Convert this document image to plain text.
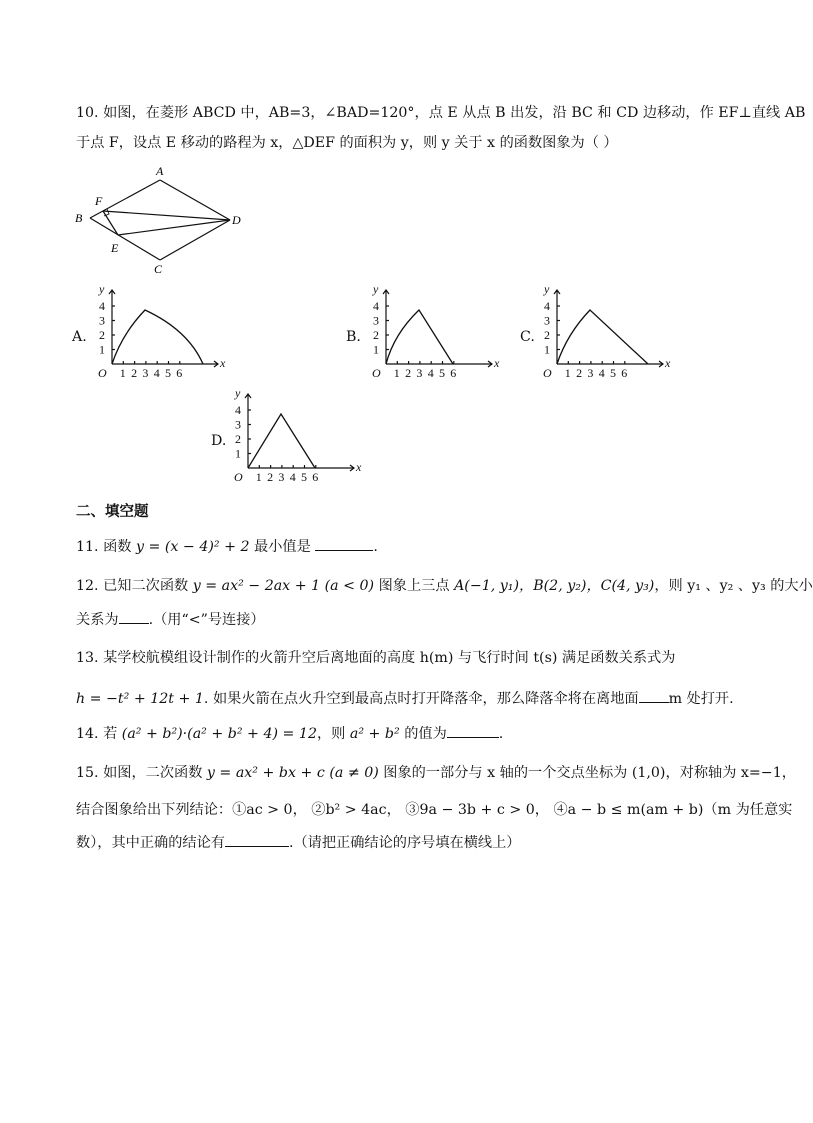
10. 如图，在菱形 ABCD 中，AB=3，∠BAD=120°，点 E 从点 B 出发，沿 BC 和 CD 边移动，作 EF⊥直线 AB
于点 F，设点 E 移动的路程为 x，△DEF 的面积为 y，则 y 关于 x 的函数图象为（ ）
A
B
C
D
E
F
A.
1 2 3 4 5 6
1
2
3
4
O
x
y
B.
1 2 3 4 5 6
1
2
3
4
O
x
y
C.
1 2 3 4 5 6
1
2
3
4
O
x
y
D.
1 2 3 4 5 6
1
2
3
4
O
x
y
二、填空题
11. 函数 y = (x − 4)² + 2 最小值是	.
12. 已知二次函数 y = ax² − 2ax + 1 (a < 0) 图象上三点 A(−1, y₁)，B(2, y₂)，C(4, y₃)，则 y₁ 、y₂ 、y₃ 的大小
关系为 .（用“<”号连接）
13. 某学校航模组设计制作的火箭升空后离地面的高度 h(m) 与飞行时间 t(s) 满足函数关系式为
h = −t² + 12t + 1. 如果火箭在点火升空到最高点时打开降落伞，那么降落伞将在离地面 m 处打开.
14. 若 (a² + b²)·(a² + b² + 4) = 12，则 a² + b² 的值为	.
15. 如图，二次函数 y = ax² + bx + c (a ≠ 0) 图象的一部分与 x 轴的一个交点坐标为 (1,0)，对称轴为 x=−1，
结合图象给出下列结论：①ac > 0， ②b² > 4ac， ③9a − 3b + c > 0， ④a − b ≤ m(am + b)（m 为任意实
数），其中正确的结论有	.（请把正确结论的序号填在横线上）
